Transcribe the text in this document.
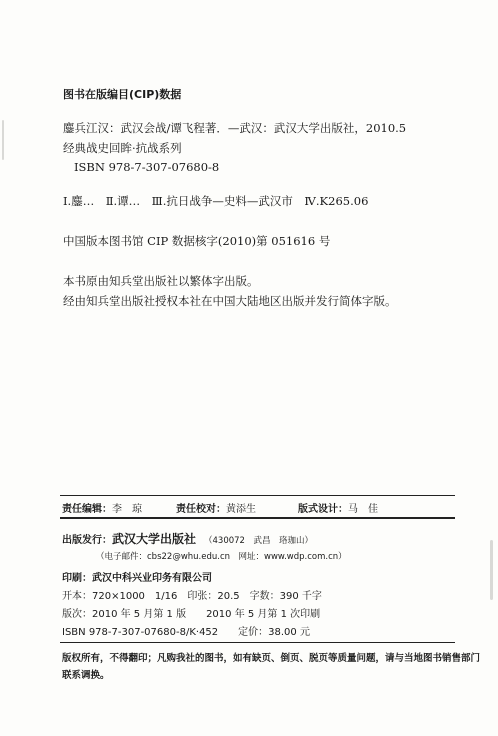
图书在版编目(CIP)数据
鏖兵江汉：武汉会战/谭飞程著．—武汉：武汉大学出版社，2010.5
经典战史回眸·抗战系列
ISBN 978-7-307-07680-8
Ⅰ.鏖…　Ⅱ.谭…　Ⅲ.抗日战争—史料—武汉市　Ⅳ.K265.06
中国版本图书馆 CIP 数据核字(2010)第 051616 号
本书原由知兵堂出版社以繁体字出版。
经由知兵堂出版社授权本社在中国大陆地区出版并发行简体字版。
责任编辑：李　琼	责任校对：黄添生	版式设计：马　佳
出版发行：武汉大学出版社 （430072　武昌　珞珈山）
（电子邮件：cbs22@whu.edu.cn　网址：www.wdp.com.cn）
印刷：武汉中科兴业印务有限公司
开本：720×1000　1/16　印张：20.5　字数：390 千字
版次：2010 年 5 月第 1 版　　2010 年 5 月第 1 次印刷
ISBN 978-7-307-07680-8/K·452　　定价：38.00 元
版权所有，不得翻印；凡购我社的图书，如有缺页、倒页、脱页等质量问题，请与当地图书销售部门联系调换。
